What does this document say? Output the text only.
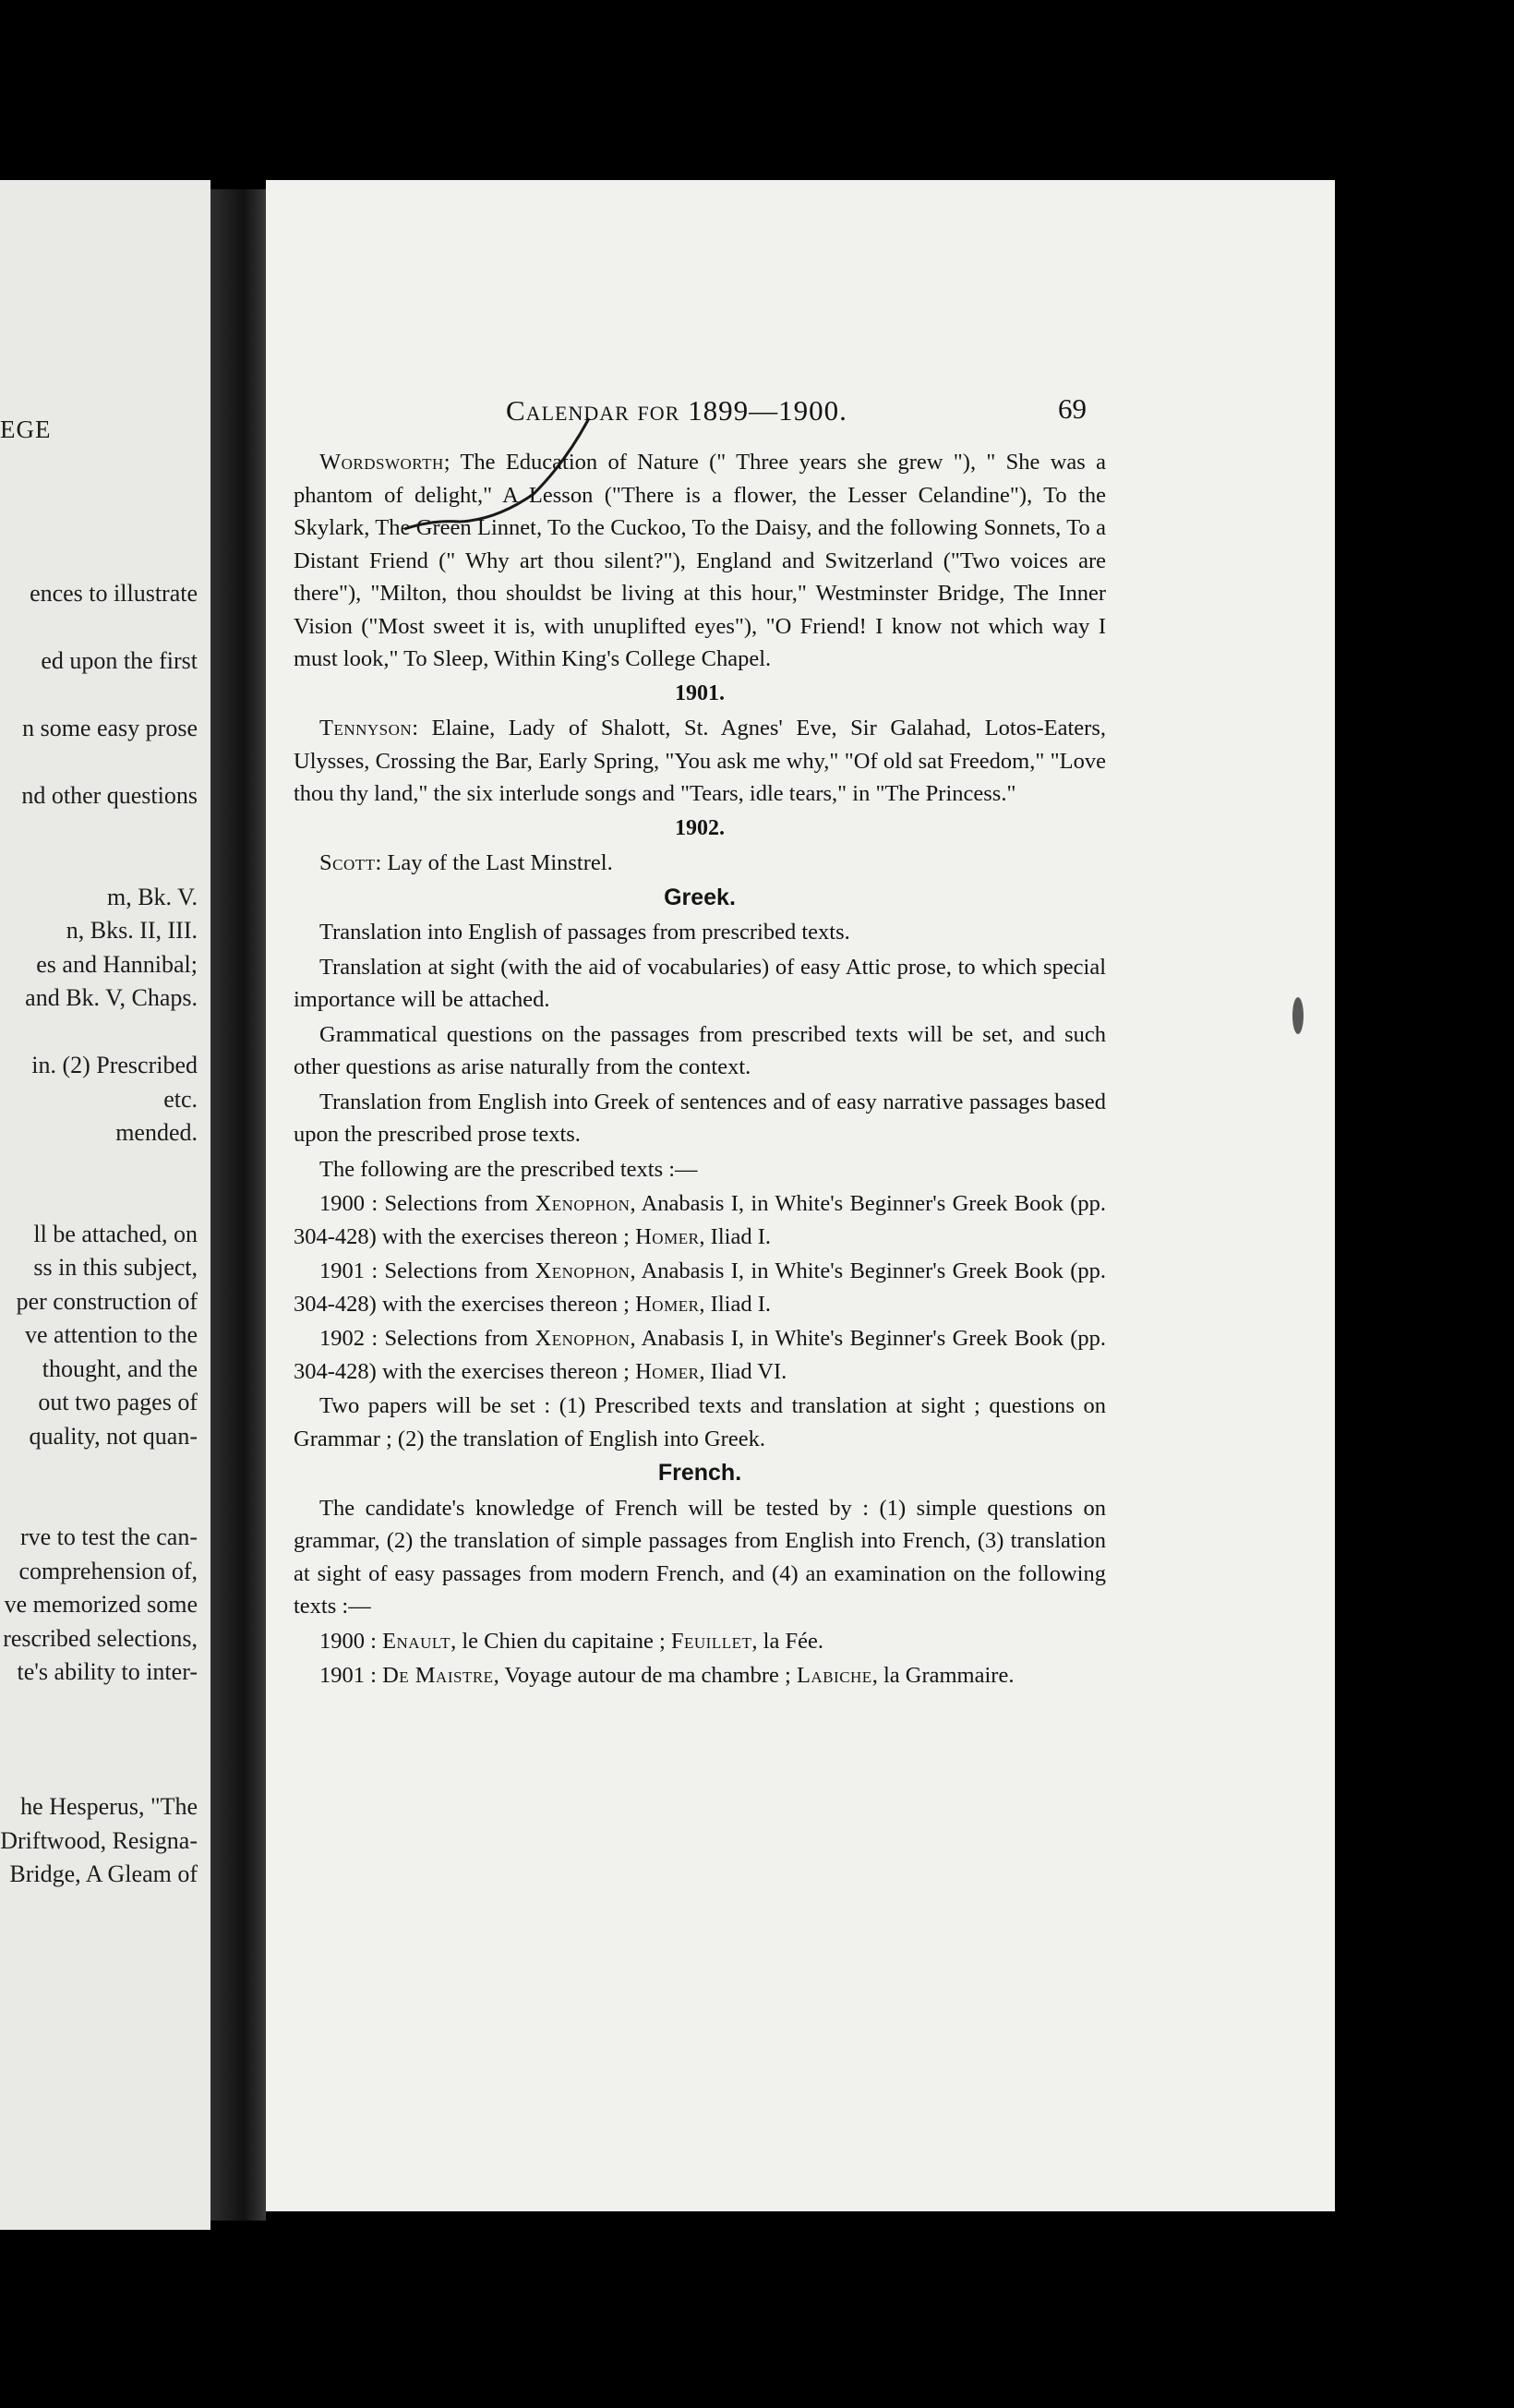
EGE
ences to illustrate

ed upon the first

n some easy prose

nd other questions

m, Bk. V.
n, Bks. II, III.
es and Hannibal;
and Bk. V, Chaps.

in. (2) Prescribed
etc.
mended.

ll be attached, on
ss in this subject,
per construction of
ve attention to the
thought, and the
out two pages of
quality, not quan-

rve to test the can-
comprehension of,
ve memorized some
rescribed selections,
te's ability to inter-

he Hesperus, "The
Driftwood, Resigna-
Bridge, A Gleam of
Calendar for 1899—1900.	69

Wordsworth; The Education of Nature (" Three years she grew "), " She was a phantom of delight," A Lesson ("There is a flower, the Lesser Celandine"), To the Skylark, The Green Linnet, To the Cuckoo, To the Daisy, and the following Sonnets, To a Distant Friend (" Why art thou silent?"), England and Switzerland ("Two voices are there"), "Milton, thou shouldst be living at this hour," Westminster Bridge, The Inner Vision ("Most sweet it is, with unuplifted eyes"), "O Friend! I know not which way I must look," To Sleep, Within King's College Chapel.

1901.

Tennyson: Elaine, Lady of Shalott, St. Agnes' Eve, Sir Galahad, Lotos-Eaters, Ulysses, Crossing the Bar, Early Spring, "You ask me why," "Of old sat Freedom," "Love thou thy land," the six interlude songs and "Tears, idle tears," in "The Princess."

1902.

Scott: Lay of the Last Minstrel.

Greek.

Translation into English of passages from prescribed texts.

Translation at sight (with the aid of vocabularies) of easy Attic prose, to which special importance will be attached.

Grammatical questions on the passages from prescribed texts will be set, and such other questions as arise naturally from the context.

Translation from English into Greek of sentences and of easy narrative passages based upon the prescribed prose texts.

The following are the prescribed texts :—

1900 : Selections from Xenophon, Anabasis I, in White's Beginner's Greek Book (pp. 304-428) with the exercises thereon ; Homer, Iliad I.

1901 : Selections from Xenophon, Anabasis I, in White's Beginner's Greek Book (pp. 304-428) with the exercises thereon ; Homer, Iliad I.

1902 : Selections from Xenophon, Anabasis I, in White's Beginner's Greek Book (pp. 304-428) with the exercises thereon ; Homer, Iliad VI.

Two papers will be set : (1) Prescribed texts and translation at sight ; questions on Grammar ; (2) the translation of English into Greek.

French.

The candidate's knowledge of French will be tested by : (1) simple questions on grammar, (2) the translation of simple passages from English into French, (3) translation at sight of easy passages from modern French, and (4) an examination on the following texts :—

1900 : Enault, le Chien du capitaine ; Feuillet, la Fée.

1901 : De Maistre, Voyage autour de ma chambre ; Labiche, la Grammaire.
